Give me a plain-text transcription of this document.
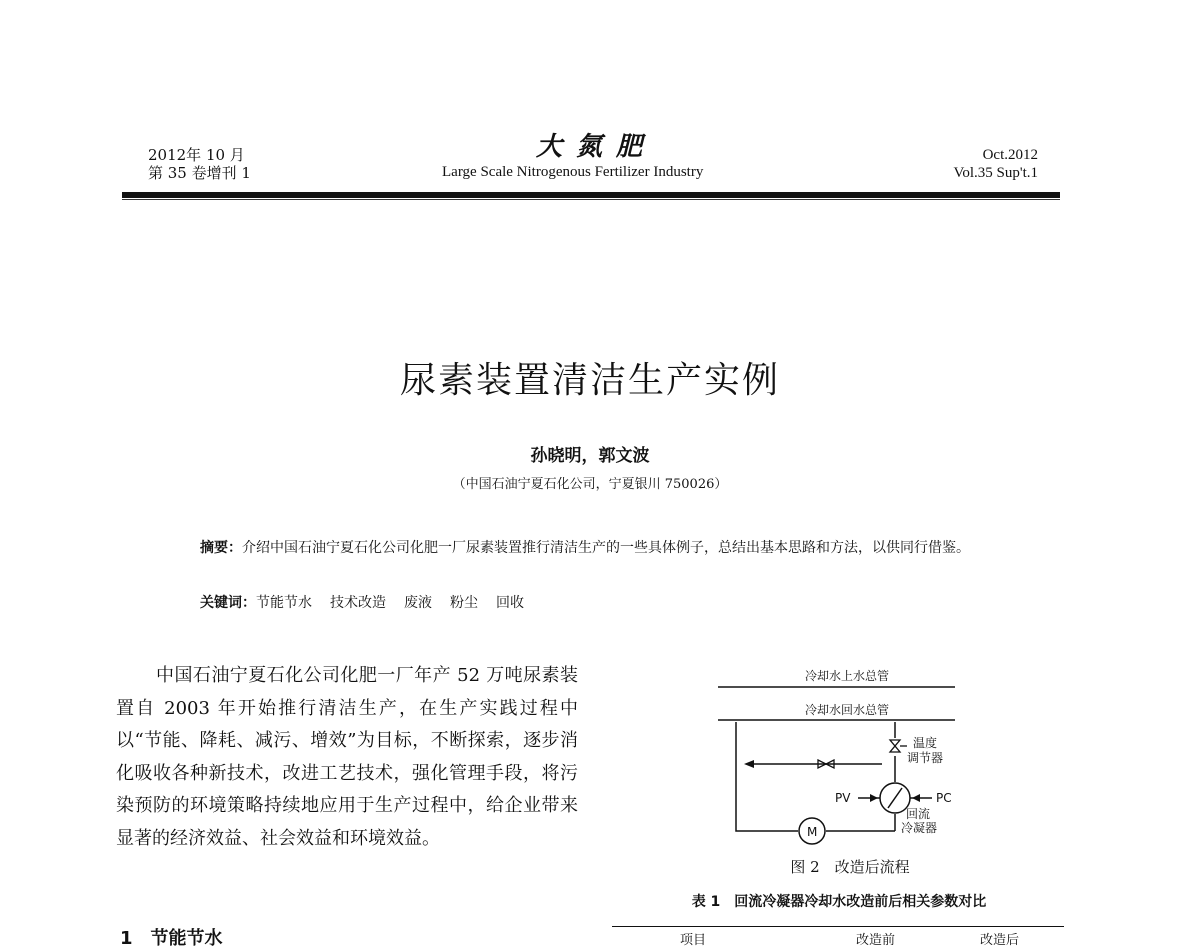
2012年 10 月
第 35 卷增刊 1
大氮肥
Large Scale Nitrogenous Fertilizer Industry
Oct.2012
Vol.35 Sup't.1
尿素装置清洁生产实例
孙晓明，郭文波
（中国石油宁夏石化公司，宁夏银川 750026）
摘要：介绍中国石油宁夏石化公司化肥一厂尿素装置推行清洁生产的一些具体例子，总结出基本思路和方法，以供同行借鉴。
关键词：节能节水 技术改造 废液 粉尘 回收
中国石油宁夏石化公司化肥一厂年产 52 万吨尿素装置自 2003 年开始推行清洁生产，在生产实践过程中以“节能、降耗、减污、增效”为目标，不断探索，逐步消化吸收各种新技术，改进工艺技术，强化管理手段，将污染预防的环境策略持续地应用于生产过程中，给企业带来显著的经济效益、社会效益和环境效益。
1　节能节水
冷却水上水总管
冷却水回水总管
温度
调节器
PV	PC
回流
冷凝器
M
图 2　改造后流程
表 1　回流冷凝器冷却水改造前后相关参数对比
项目	改造前	改造后
